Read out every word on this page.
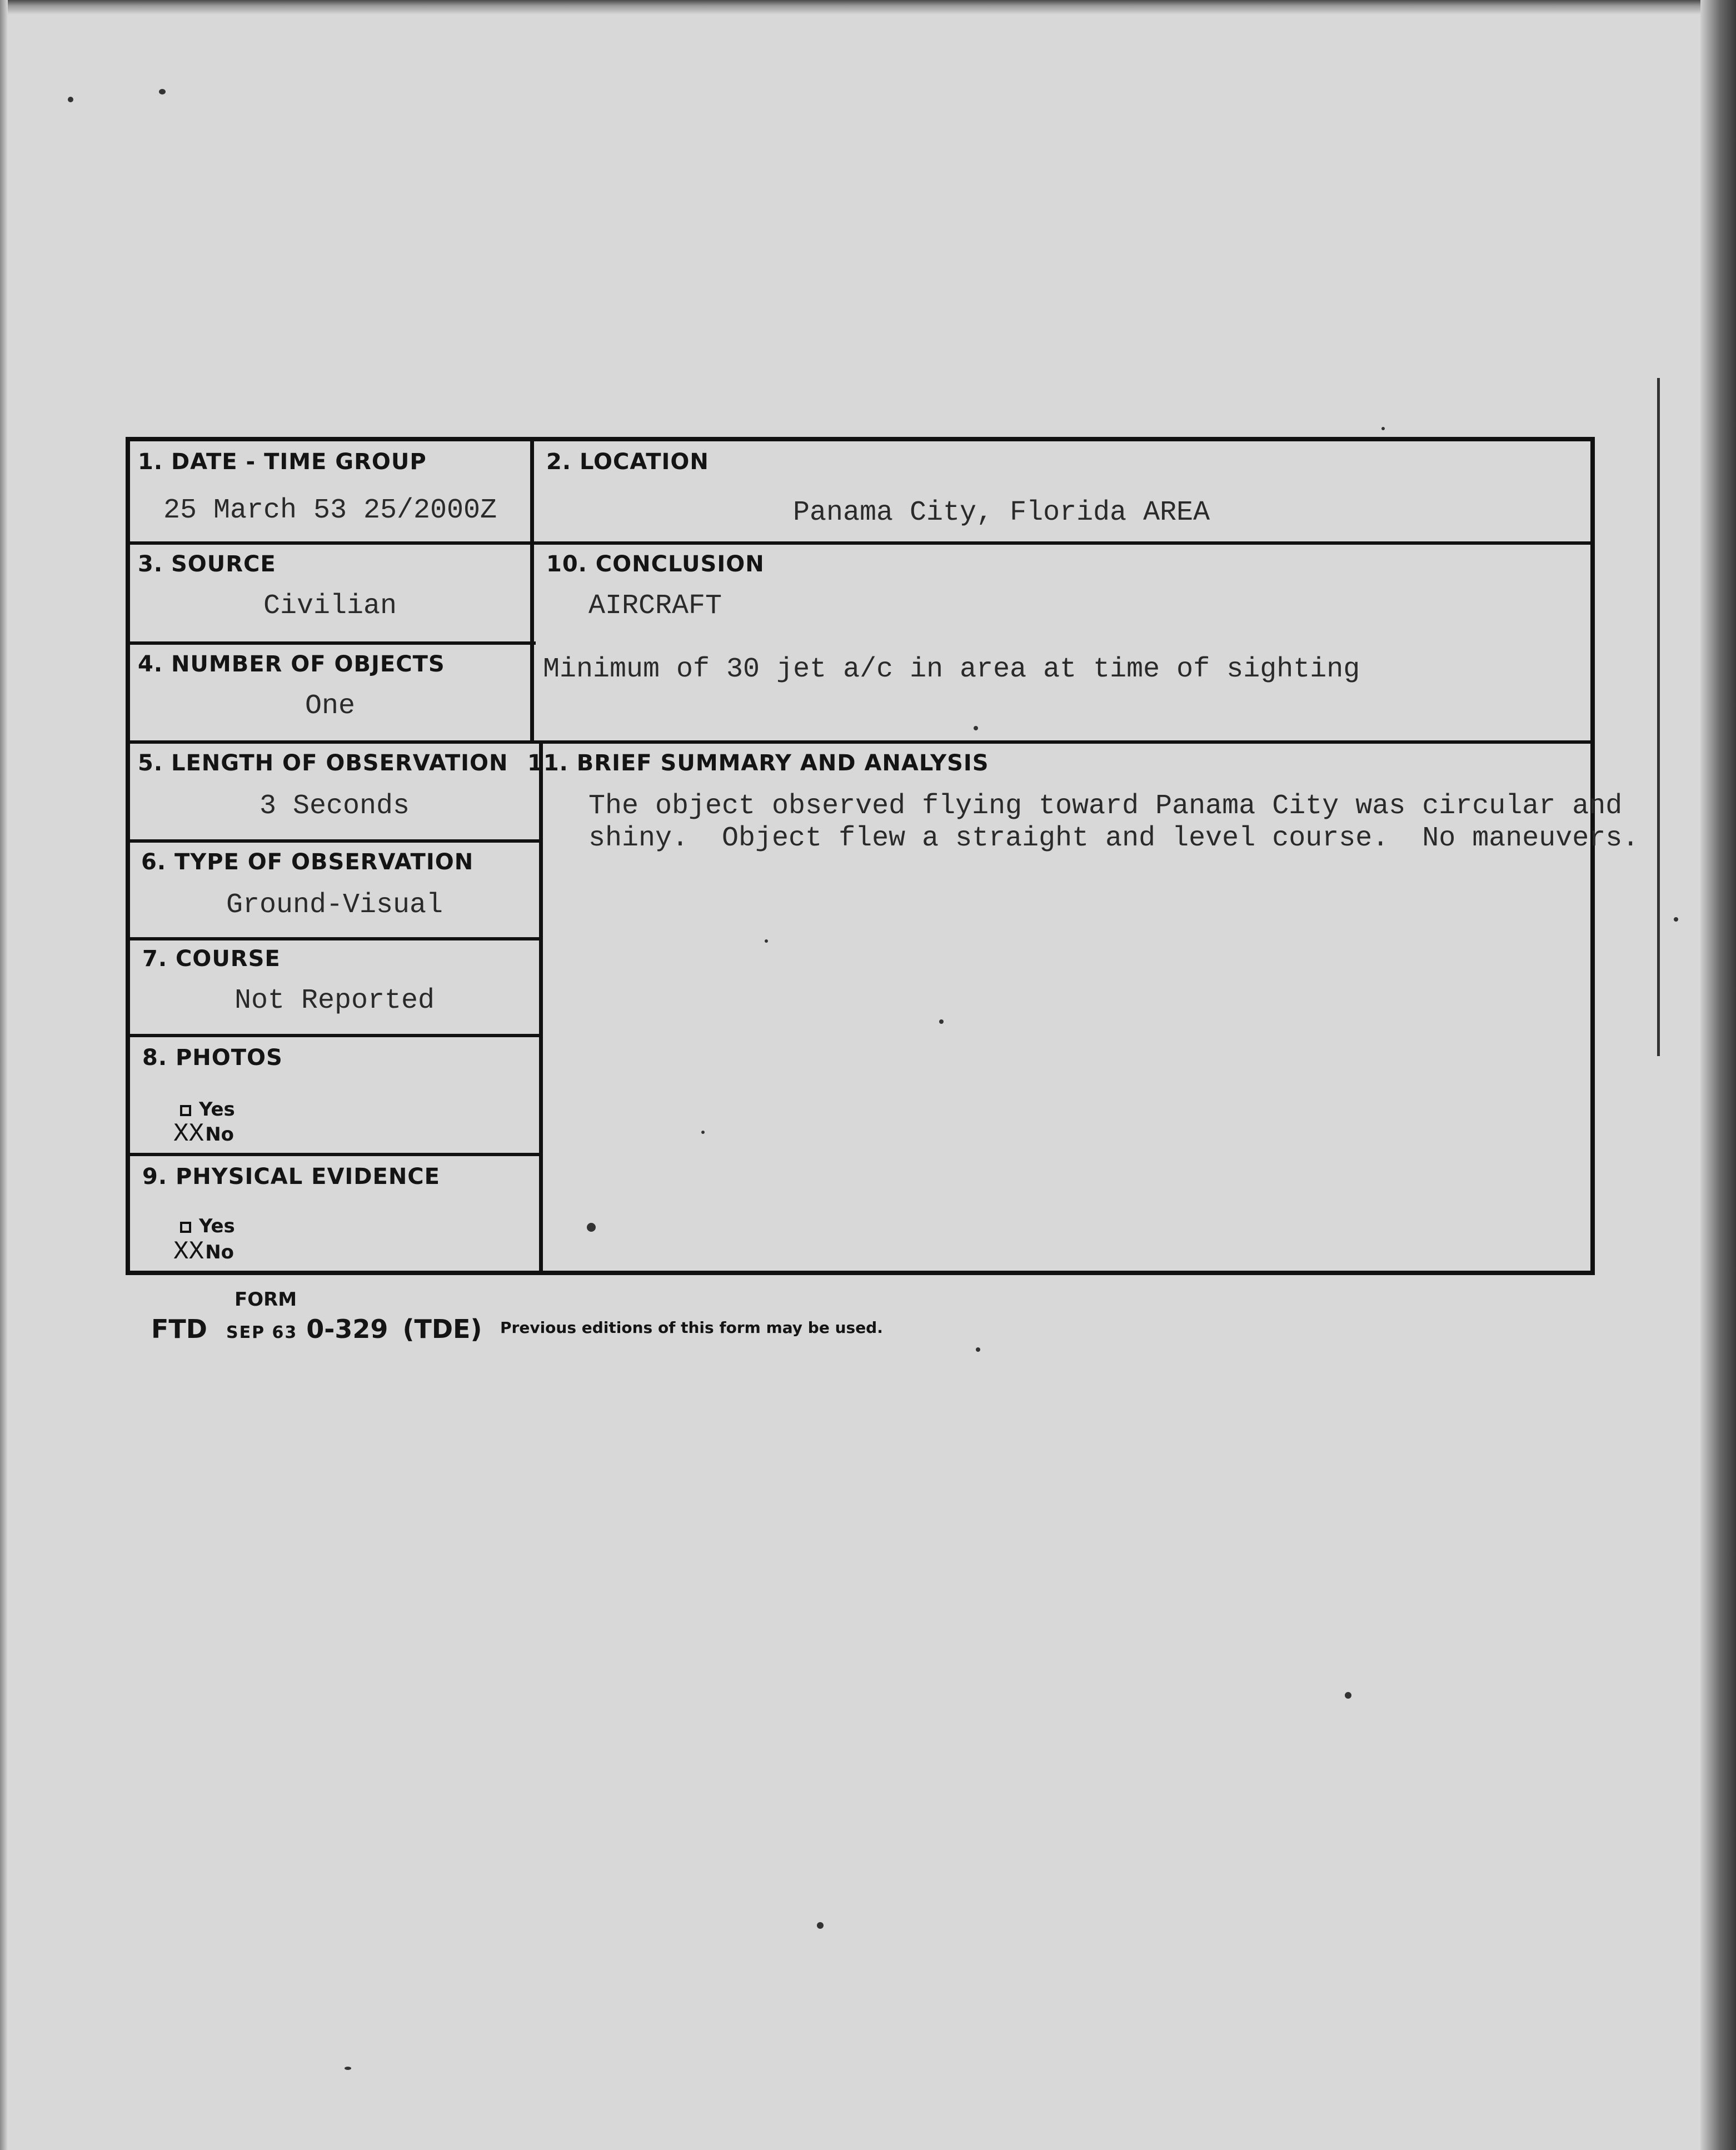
1. DATE - TIME GROUP
25 March 53 25/2000Z
2. LOCATION
Panama City, Florida AREA
3. SOURCE
Civilian
4. NUMBER OF OBJECTS
One
10. CONCLUSION
AIRCRAFT
Minimum of 30 jet a/c in area at time of sighting
5. LENGTH OF OBSERVATION
3 Seconds
6. TYPE OF OBSERVATION
Ground-Visual
7. COURSE
Not Reported
8. PHOTOS
Yes
XXNo
9. PHYSICAL EVIDENCE
Yes
XXNo
11. BRIEF SUMMARY AND ANALYSIS
The object observed flying toward Panama City was circular and
shiny.  Object flew a straight and level course.  No maneuvers.
FORM
FTD SEP 63 0-329 (TDE) Previous editions of this form may be used.
